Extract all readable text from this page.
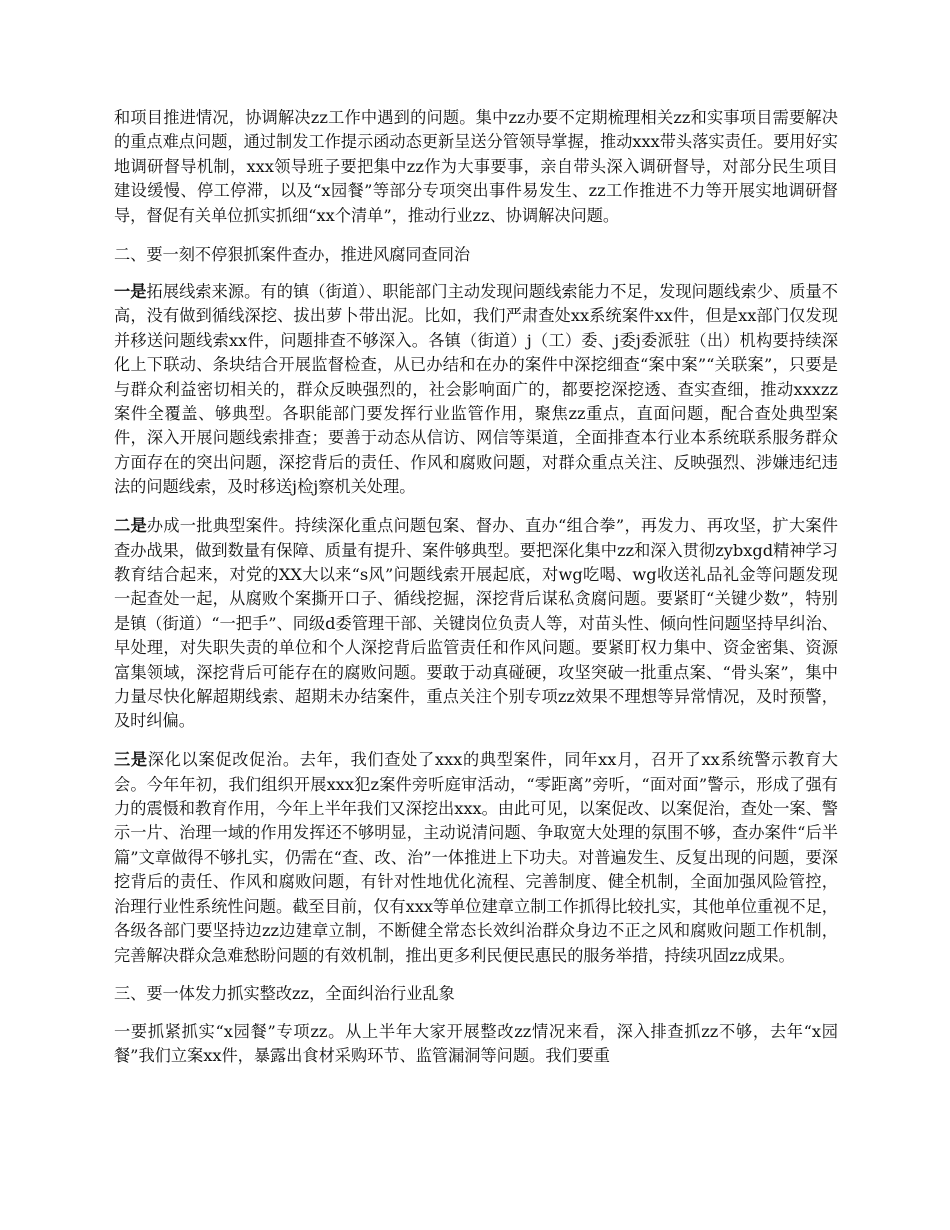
和项目推进情况，协调解决zz工作中遇到的问题。集中zz办要不定期梳理相关zz和实事项目需要解决的重点难点问题，通过制发工作提示函动态更新呈送分管领导掌握，推动xxx带头落实责任。要用好实地调研督导机制，xxx领导班子要把集中zz作为大事要事，亲自带头深入调研督导，对部分民生项目建设缓慢、停工停滞，以及“x园餐”等部分专项突出事件易发生、zz工作推进不力等开展实地调研督导，督促有关单位抓实抓细“xx个清单”，推动行业zz、协调解决问题。

二、要一刻不停狠抓案件查办，推进风腐同查同治

一是拓展线索来源。有的镇（街道）、职能部门主动发现问题线索能力不足，发现问题线索少、质量不高，没有做到循线深挖、拔出萝卜带出泥。比如，我们严肃查处xx系统案件xx件，但是xx部门仅发现并移送问题线索xx件，问题排查不够深入。各镇（街道）j（工）委、j委j委派驻（出）机构要持续深化上下联动、条块结合开展监督检查，从已办结和在办的案件中深挖细查“案中案”“关联案”，只要是与群众利益密切相关的，群众反映强烈的，社会影响面广的，都要挖深挖透、查实查细，推动xxxzz案件全覆盖、够典型。各职能部门要发挥行业监管作用，聚焦zz重点，直面问题，配合查处典型案件，深入开展问题线索排查；要善于动态从信访、网信等渠道，全面排查本行业本系统联系服务群众方面存在的突出问题，深挖背后的责任、作风和腐败问题，对群众重点关注、反映强烈、涉嫌违纪违法的问题线索，及时移送j检j察机关处理。

二是办成一批典型案件。持续深化重点问题包案、督办、直办“组合拳”，再发力、再攻坚，扩大案件查办战果，做到数量有保障、质量有提升、案件够典型。要把深化集中zz和深入贯彻zybxgd精神学习教育结合起来，对党的XX大以来“s风”问题线索开展起底，对wg吃喝、wg收送礼品礼金等问题发现一起查处一起，从腐败个案撕开口子、循线挖掘，深挖背后谋私贪腐问题。要紧盯“关键少数”，特别是镇（街道）“一把手”、同级d委管理干部、关键岗位负责人等，对苗头性、倾向性问题坚持早纠治、早处理，对失职失责的单位和个人深挖背后监管责任和作风问题。要紧盯权力集中、资金密集、资源富集领域，深挖背后可能存在的腐败问题。要敢于动真碰硬，攻坚突破一批重点案、“骨头案”，集中力量尽快化解超期线索、超期未办结案件，重点关注个别专项zz效果不理想等异常情况，及时预警，及时纠偏。

三是深化以案促改促治。去年，我们查处了xxx的典型案件，同年xx月，召开了xx系统警示教育大会。今年年初，我们组织开展xxx犯z案件旁听庭审活动，“零距离”旁听，“面对面”警示，形成了强有力的震慑和教育作用，今年上半年我们又深挖出xxx。由此可见，以案促改、以案促治，查处一案、警示一片、治理一域的作用发挥还不够明显，主动说清问题、争取宽大处理的氛围不够，查办案件“后半篇”文章做得不够扎实，仍需在“查、改、治”一体推进上下功夫。对普遍发生、反复出现的问题，要深挖背后的责任、作风和腐败问题，有针对性地优化流程、完善制度、健全机制，全面加强风险管控，治理行业性系统性问题。截至目前，仅有xxx等单位建章立制工作抓得比较扎实，其他单位重视不足，各级各部门要坚持边zz边建章立制，不断健全常态长效纠治群众身边不正之风和腐败问题工作机制，完善解决群众急难愁盼问题的有效机制，推出更多利民便民惠民的服务举措，持续巩固zz成果。

三、要一体发力抓实整改zz，全面纠治行业乱象

一要抓紧抓实“x园餐”专项zz。从上半年大家开展整改zz情况来看，深入排查抓zz不够，去年“x园餐”我们立案xx件，暴露出食材采购环节、监管漏洞等问题。我们要重
